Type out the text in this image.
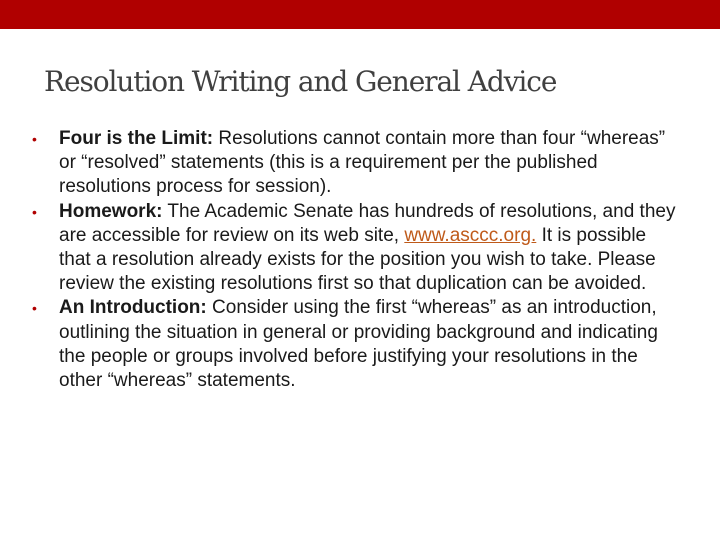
Resolution Writing and General Advice
•	Four is the Limit: Resolutions cannot contain more than four “whereas” or “resolved” statements (this is a requirement per the published resolutions process for session).
•	Homework: The Academic Senate has hundreds of resolutions, and they are accessible for review on its web site, www.asccc.org. It is possible that a resolution already exists for the position you wish to take. Please review the existing resolutions first so that duplication can be avoided.
•	An Introduction: Consider using the first “whereas” as an introduction, outlining the situation in general or providing background and indicating the people or groups involved before justifying your resolutions in the other “whereas” statements.
